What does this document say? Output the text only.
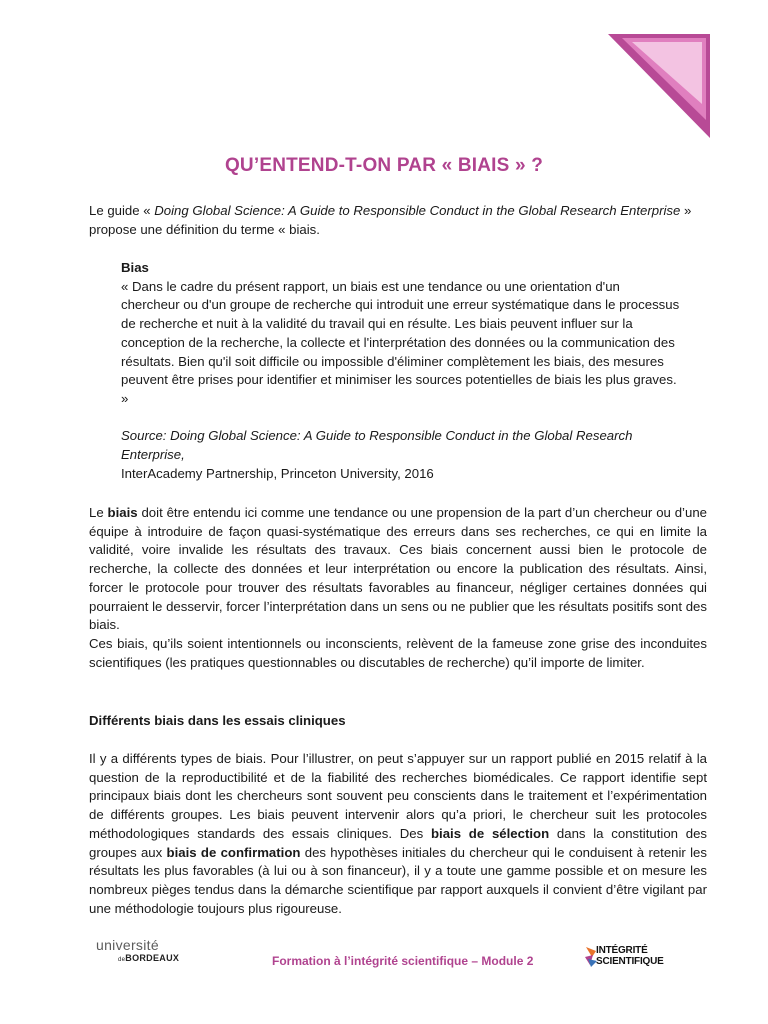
QU’ENTEND-T-ON PAR « BIAIS » ?

Le guide « Doing Global Science: A Guide to Responsible Conduct in the Global Research Enterprise » propose une définition du terme « biais.

Bias

« Dans le cadre du présent rapport, un biais est une tendance ou une orientation d'un chercheur ou d'un groupe de recherche qui introduit une erreur systématique dans le processus de recherche et nuit à la validité du travail qui en résulte. Les biais peuvent influer sur la conception de la recherche, la collecte et l'interprétation des données ou la communication des résultats. Bien qu'il soit difficile ou impossible d'éliminer complètement les biais, des mesures peuvent être prises pour identifier et minimiser les sources potentielles de biais les plus graves. »

Source: Doing Global Science: A Guide to Responsible Conduct in the Global Research Enterprise,
InterAcademy Partnership, Princeton University, 2016

Le biais doit être entendu ici comme une tendance ou une propension de la part d’un chercheur ou d’une équipe à introduire de façon quasi-systématique des erreurs dans ses recherches, ce qui en limite la validité, voire invalide les résultats des travaux. Ces biais concernent aussi bien le protocole de recherche, la collecte des données et leur interprétation ou encore la publication des résultats. Ainsi, forcer le protocole pour trouver des résultats favorables au financeur, négliger certaines données qui pourraient le desservir, forcer l’interprétation dans un sens ou ne publier que les résultats positifs sont des biais.

Ces biais, qu’ils soient intentionnels ou inconscients, relèvent de la fameuse zone grise des inconduites scientifiques (les pratiques questionnables ou discutables de recherche) qu’il importe de limiter.

Différents biais dans les essais cliniques

Il y a différents types de biais. Pour l’illustrer, on peut s’appuyer sur un rapport publié en 2015 relatif à la question de la reproductibilité et de la fiabilité des recherches biomédicales. Ce rapport identifie sept principaux biais dont les chercheurs sont souvent peu conscients dans le traitement et l’expérimentation de différents groupes. Les biais peuvent intervenir alors qu’a priori, le chercheur suit les protocoles méthodologiques standards des essais cliniques. Des biais de sélection dans la constitution des groupes aux biais de confirmation des hypothèses initiales du chercheur qui le conduisent à retenir les résultats les plus favorables (à lui ou à son financeur), il y a toute une gamme possible et on mesure les nombreux pièges tendus dans la démarche scientifique par rapport auxquels il convient d’être vigilant par une méthodologie toujours plus rigoureuse.

université
deBORDEAUX	Formation à l’intégrité scientifique – Module 2
INTÉGRITÉ
SCIENTIFIQUE
